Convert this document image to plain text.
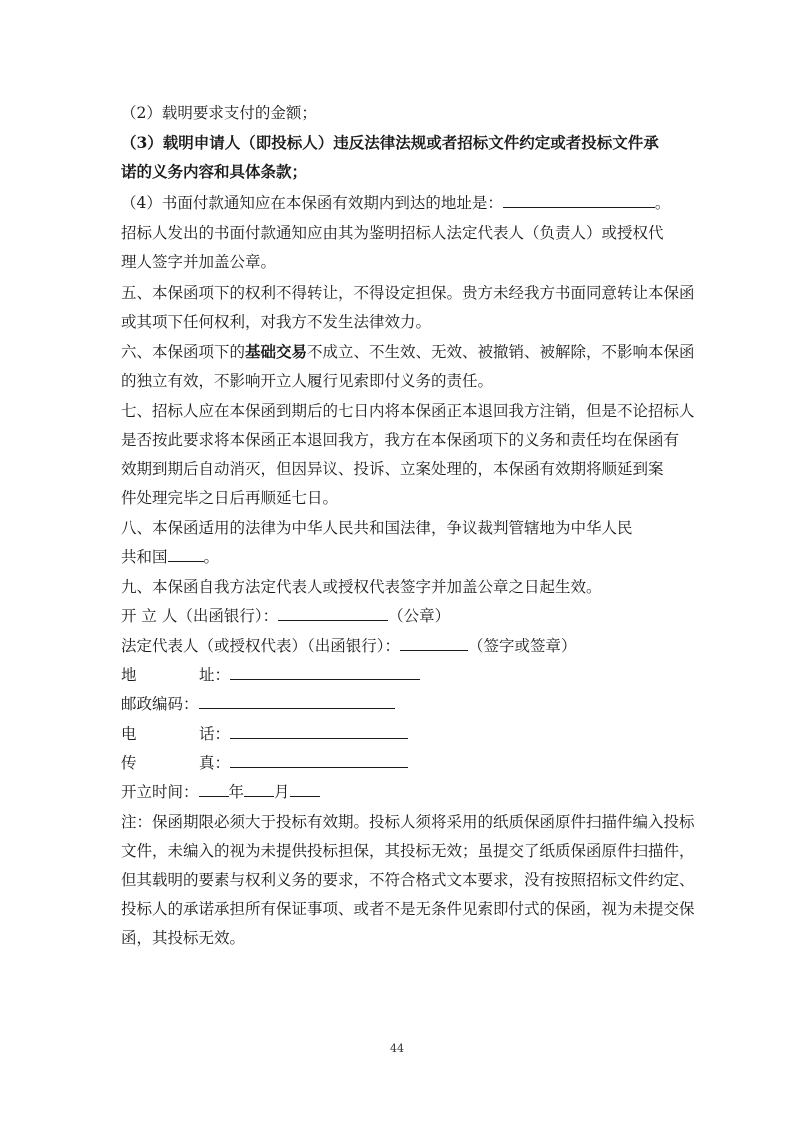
（2）载明要求支付的金额；
（3）载明申请人（即投标人）违反法律法规或者招标文件约定或者投标文件承
诺的义务内容和具体条款；
（4）书面付款通知应在本保函有效期内到达的地址是：	。
招标人发出的书面付款通知应由其为鉴明招标人法定代表人（负责人）或授权代
理人签字并加盖公章。
五、本保函项下的权利不得转让，不得设定担保。贵方未经我方书面同意转让本保函
或其项下任何权利，对我方不发生法律效力。
六、本保函项下的基础交易不成立、不生效、无效、被撤销、被解除，不影响本保函
的独立有效，不影响开立人履行见索即付义务的责任。
七、招标人应在本保函到期后的七日内将本保函正本退回我方注销，但是不论招标人
是否按此要求将本保函正本退回我方，我方在本保函项下的义务和责任均在保函有
效期到期后自动消灭，但因异议、投诉、立案处理的，本保函有效期将顺延到案
件处理完毕之日后再顺延七日。
八、本保函适用的法律为中华人民共和国法律，争议裁判管辖地为中华人民
共和国 。
九、本保函自我方法定代表人或授权代表签字并加盖公章之日起生效。
开 立 人（出函银行）：	（公章）
法定代表人（或授权代表）（出函银行）：	（签字或签章）
地	址：
邮政编码：
电	话：
传	真：
开立时间： 年 月
注：保函期限必须大于投标有效期。投标人须将采用的纸质保函原件扫描件编入投标
文件，未编入的视为未提供投标担保，其投标无效；虽提交了纸质保函原件扫描件，
但其载明的要素与权利义务的要求，不符合格式文本要求，没有按照招标文件约定、
投标人的承诺承担所有保证事项、或者不是无条件见索即付式的保函，视为未提交保
函，其投标无效。
44
